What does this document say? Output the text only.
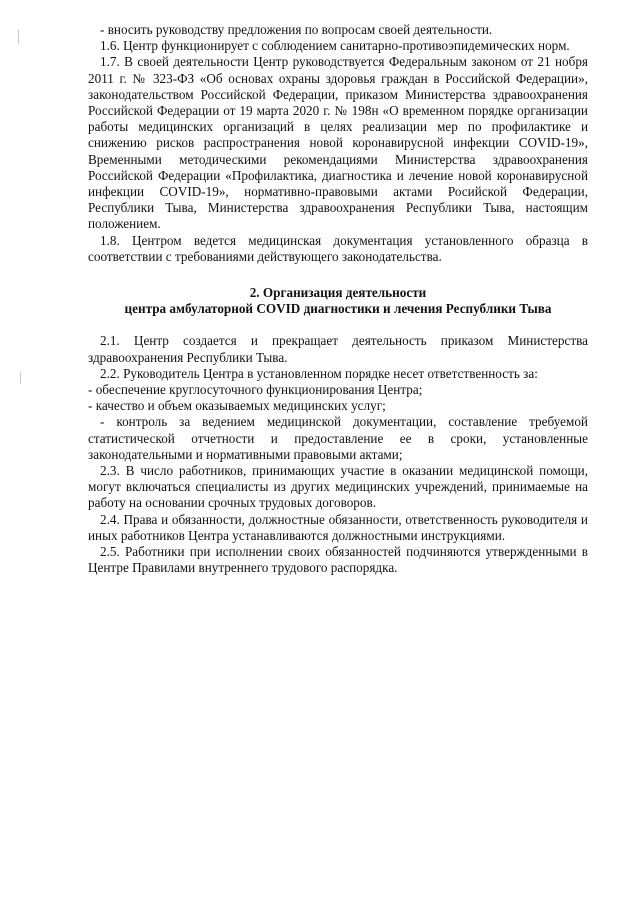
- вносить руководству предложения по вопросам своей деятельности.

1.6. Центр функционирует с соблюдением санитарно-противоэпидемических норм.

1.7. В своей деятельности Центр руководствуется Федеральным законом от 21 нобря 2011 г. № 323-ФЗ «Об основах охраны здоровья граждан в Российской Федерации», законодательством Российской Федерации, приказом Министерства здравоохранения Российской Федерации от 19 марта 2020 г. № 198н «О временном порядке организации работы медицинских организаций в целях реализации мер по профилактике и снижению рисков распространения новой коронавирусной инфекции COVID-19», Временными методическими рекомендациями Министерства здравоохранения Российской Федерации «Профилактика, диагностика и лечение новой коронавирусной инфекции COVID-19», нормативно-правовыми актами Росийской Федерации, Республики Тыва, Министерства здравоохранения Республики Тыва, настоящим положением.

1.8. Центром ведется медицинская документация установленного образца в соответствии с требованиями действующего законодательства.

2. Организация деятельности

центра амбулаторной COVID диагностики и лечения Республики Тыва

2.1. Центр создается и прекращает деятельность приказом Министерства здравоохранения Республики Тыва.

2.2. Руководитель Центра в установленном порядке несет ответственность за:

- обеспечение круглосуточного функционирования Центра;

- качество и объем оказываемых медицинских услуг;

- контроль за ведением медицинской документации, составление требуемой статистической отчетности и предоставление ее в сроки, установленные законодательными и нормативными правовыми актами;

2.3. В число работников, принимающих участие в оказании медицинской помощи, могут включаться специалисты из других медицинских учреждений, принимаемые на работу на основании срочных трудовых договоров.

2.4. Права и обязанности, должностные обязанности, ответственность руководителя и иных работников Центра устанавливаются должностными инструкциями.

2.5. Работники при исполнении своих обязанностей подчиняются утвержденными в Центре Правилами внутреннего трудового распорядка.
